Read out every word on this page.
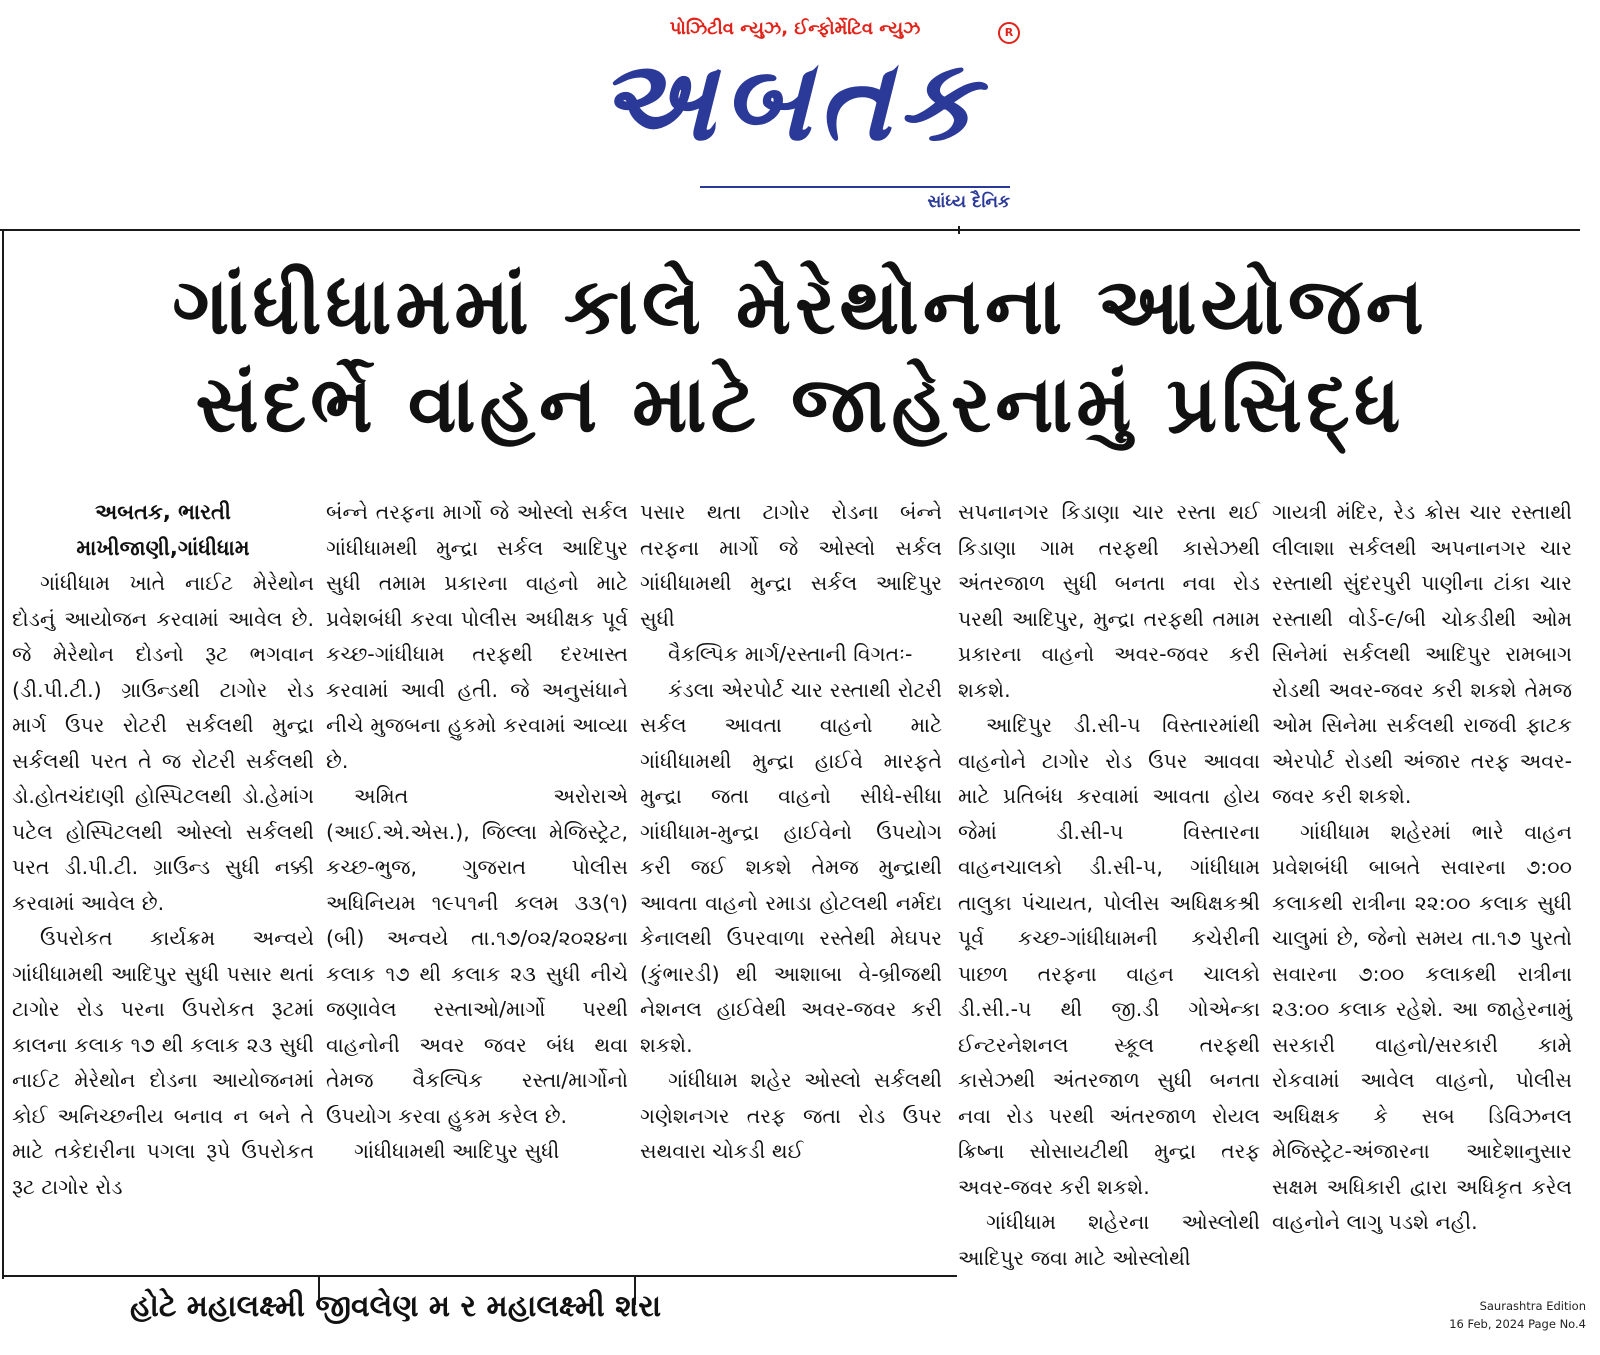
પોઝિટીવ ન્યુઝ, ઈન્ફોર્મેટિવ ન્યુઝ
અબતક
R
સાંધ્ય દૈનિક
ગાંધીધામમાં કાલે મેરેથોનના આયોજન
સંદર્ભે વાહન માટે જાહેરનામું પ્રસિદ્ધ

અબતક, ભારતી
માખીજાણી,ગાંધીધામ

ગાંધીધામ ખાતે નાઈટ મેરેથોન દોડનું આયોજન કરવામાં આવેલ છે. જે મેરેથોન દોડનો રૂટ ભગવાન (ડી.પી.ટી.) ગ્રાઉન્ડથી ટાગોર રોડ માર્ગ ઉપર રોટરી સર્કલથી મુન્દ્રા સર્કલથી પરત તે જ રોટરી સર્કલથી ડો.હોતચંદાણી હોસ્પિટલથી ડો.હેમાંગ પટેલ હોસ્પિટલથી ઓસ્લો સર્કલથી પરત ડી.પી.ટી. ગ્રાઉન્ડ સુધી નક્કી કરવામાં આવેલ છે.

ઉપરોકત કાર્યક્રમ અન્વયે ગાંધીધામથી આદિપુર સુધી પસાર થતાં ટાગોર રોડ પરના ઉપરોકત રૂટમાં કાલના કલાક ૧૭ થી કલાક ૨૩ સુધી નાઈટ મેરેથોન દોડના આયોજનમાં કોઈ અનિચ્છનીય બનાવ ન બને તે માટે તકેદારીના પગલા રૂપે ઉપરોકત રૂટ ટાગોર રોડ

બંન્ને તરફના માર્ગો જે ઓસ્લો સર્કલ ગાંધીધામથી મુન્દ્રા સર્કલ આદિપુર સુધી તમામ પ્રકારના વાહનો માટે પ્રવેશબંધી કરવા પોલીસ અધીક્ષક પૂર્વ કચ્છ-ગાંધીધામ તરફથી દરખાસ્ત કરવામાં આવી હતી. જે અનુસંધાને નીચે મુજબના હુકમો કરવામાં આવ્યા છે.

અમિત અરોરાએ (આઈ.એ.એસ.), જિલ્લા મેજિસ્ટ્રેટ, કચ્છ-ભુજ, ગુજરાત પોલીસ અધિનિયમ ૧૯૫૧ની કલમ ૩૩(૧)(બી) અન્વયે તા.૧૭/૦૨/૨૦૨૪ના કલાક ૧૭ થી કલાક ૨૩ સુધી નીચે જણાવેલ રસ્તાઓ/માર્ગો પરથી વાહનોની અવર જવર બંધ થવા તેમજ વૈકલ્પિક રસ્તા/માર્ગોનો ઉપયોગ કરવા હુકમ કરેલ છે.

ગાંધીધામથી આદિપુર સુધી

પસાર થતા ટાગોર રોડના બંન્ને તરફના માર્ગો જે ઓસ્લો સર્કલ ગાંધીધામથી મુન્દ્રા સર્કલ આદિપુર સુધી

વૈકલ્પિક માર્ગ/રસ્તાની વિગતઃ-

કંડલા એરપોર્ટ ચાર રસ્તાથી રોટરી સર્કલ આવતા વાહનો માટે ગાંધીધામથી મુન્દ્રા હાઈવે મારફતે મુન્દ્રા જતા વાહનો સીધે-સીધા ગાંધીધામ-મુન્દ્રા હાઈવેનો ઉપયોગ કરી જઈ શકશે તેમજ મુન્દ્રાથી આવતા વાહનો રમાડા હોટલથી નર્મદા કેનાલથી ઉપરવાળા રસ્તેથી મેઘપર (કુંભારડી) થી આશાબા વે-બ્રીજથી નેશનલ હાઈવેથી અવર-જવર કરી શકશે.

ગાંધીધામ શહેર ઓસ્લો સર્કલથી ગણેશનગર તરફ જતા રોડ ઉપર સથવારા ચોકડી થઈ

સપનાનગર કિડાણા ચાર રસ્તા થઈ કિડાણા ગામ તરફથી કાસેઝથી અંતરજાળ સુધી બનતા નવા રોડ પરથી આદિપુર, મુન્દ્રા તરફથી તમામ પ્રકારના વાહનો અવર-જવર કરી શકશે.

આદિપુર ડી.સી-૫ વિસ્તારમાંથી વાહનોને ટાગોર રોડ ઉપર આવવા માટે પ્રતિબંધ કરવામાં આવતા હોય જેમાં ડી.સી-૫ વિસ્તારના વાહનચાલકો ડી.સી-૫, ગાંધીધામ તાલુકા પંચાયત, પોલીસ અધિક્ષકશ્રી પૂર્વ કચ્છ-ગાંધીધામની કચેરીની પાછળ તરફના વાહન ચાલકો ડી.સી.-૫ થી જી.ડી ગોએન્કા ઈન્ટરનેશનલ સ્કૂલ તરફથી કાસેઝથી અંતરજાળ સુધી બનતા નવા રોડ પરથી અંતરજાળ રોયલ ક્રિષ્ના સોસાયટીથી મુન્દ્રા તરફ અવર-જવર કરી શકશે.

ગાંધીધામ શહેરના ઓસ્લોથી આદિપુર જવા માટે ઓસ્લોથી

ગાયત્રી મંદિર, રેડ ક્રોસ ચાર રસ્તાથી લીલાશા સર્કલથી અપનાનગર ચાર રસ્તાથી સુંદરપુરી પાણીના ટાંકા ચાર રસ્તાથી વોર્ડ-૯/બી ચોકડીથી ઓમ સિનેમાં સર્કલથી આદિપુર રામબાગ રોડથી અવર-જવર કરી શકશે તેમજ ઓમ સિનેમા સર્કલથી રાજવી ફાટક એરપોર્ટ રોડથી અંજાર તરફ અવર-જવર કરી શકશે.

ગાંધીધામ શહેરમાં ભારે વાહન પ્રવેશબંધી બાબતે સવારના ૭:૦૦ કલાકથી રાત્રીના ૨૨:૦૦ કલાક સુધી ચાલુમાં છે, જેનો સમય તા.૧૭ પુરતો સવારના ૭:૦૦ કલાકથી રાત્રીના ૨૩:૦૦ કલાક રહેશે. આ જાહેરનામું સરકારી વાહનો/સરકારી કામે રોકવામાં આવેલ વાહનો, પોલીસ અધિક્ષક કે સબ ડિવિઝનલ મેજિસ્ટ્રેટ-અંજારના આદેશાનુસાર સક્ષમ અધિકારી દ્વારા અધિકૃત કરેલ વાહનોને લાગુ પડશે નહી.

હોટે મહાલક્ષ્મી જીવલેણ મ ર મહાલક્ષ્મી શરા	Saurashtra Edition
16 Feb, 2024 Page No.4
